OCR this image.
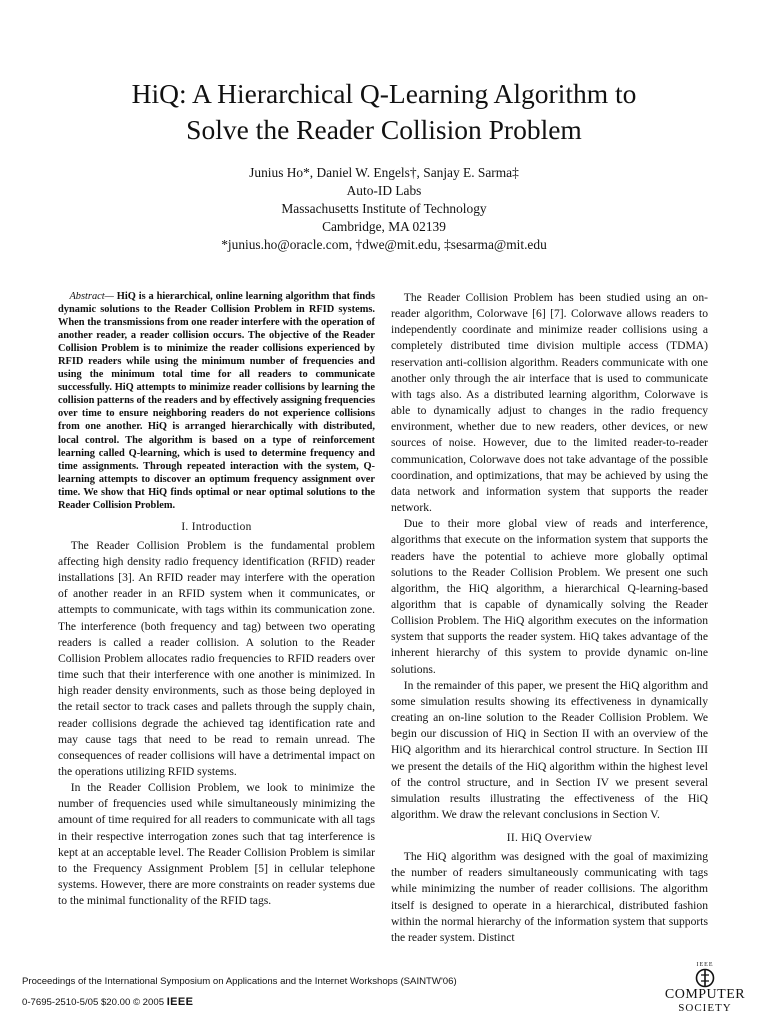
HiQ: A Hierarchical Q-Learning Algorithm to
Solve the Reader Collision Problem
Junius Ho*, Daniel W. Engels†, Sanjay E. Sarma‡
Auto-ID Labs
Massachusetts Institute of Technology
Cambridge, MA 02139
*junius.ho@oracle.com, †dwe@mit.edu, ‡sesarma@mit.edu

Abstract— HiQ is a hierarchical, online learning algorithm that finds dynamic solutions to the Reader Collision Problem in RFID systems. When the transmissions from one reader interfere with the operation of another reader, a reader collision occurs. The objective of the Reader Collision Problem is to minimize the reader collisions experienced by RFID readers while using the minimum number of frequencies and using the minimum total time for all readers to communicate successfully. HiQ attempts to minimize reader collisions by learning the collision patterns of the readers and by effectively assigning frequencies over time to ensure neighboring readers do not experience collisions from one another. HiQ is arranged hierarchically with distributed, local control. The algorithm is based on a type of reinforcement learning called Q-learning, which is used to determine frequency and time assignments. Through repeated interaction with the system, Q-learning attempts to discover an optimum frequency assignment over time. We show that HiQ finds optimal or near optimal solutions to the Reader Collision Problem.

I. Introduction

The Reader Collision Problem is the fundamental problem affecting high density radio frequency identification (RFID) reader installations [3]. An RFID reader may interfere with the operation of another reader in an RFID system when it communicates, or attempts to communicate, with tags within its communication zone. The interference (both frequency and tag) between two operating readers is called a reader collision. A solution to the Reader Collision Problem allocates radio frequencies to RFID readers over time such that their interference with one another is minimized. In high reader density environments, such as those being deployed in the retail sector to track cases and pallets through the supply chain, reader collisions degrade the achieved tag identification rate and may cause tags that need to be read to remain unread. The consequences of reader collisions will have a detrimental impact on the operations utilizing RFID systems.

In the Reader Collision Problem, we look to minimize the number of frequencies used while simultaneously minimizing the amount of time required for all readers to communicate with all tags in their respective interrogation zones such that tag interference is kept at an acceptable level. The Reader Collision Problem is similar to the Frequency Assignment Problem [5] in cellular telephone systems. However, there are more constraints on reader systems due to the minimal functionality of the RFID tags.

The Reader Collision Problem has been studied using an on-reader algorithm, Colorwave [6] [7]. Colorwave allows readers to independently coordinate and minimize reader collisions using a completely distributed time division multiple access (TDMA) reservation anti-collision algorithm. Readers communicate with one another only through the air interface that is used to communicate with tags also. As a distributed learning algorithm, Colorwave is able to dynamically adjust to changes in the radio frequency environment, whether due to new readers, other devices, or new sources of noise. However, due to the limited reader-to-reader communication, Colorwave does not take advantage of the possible coordination, and optimizations, that may be achieved by using the data network and information system that supports the reader network.

Due to their more global view of reads and interference, algorithms that execute on the information system that supports the readers have the potential to achieve more globally optimal solutions to the Reader Collision Problem. We present one such algorithm, the HiQ algorithm, a hierarchical Q-learning-based algorithm that is capable of dynamically solving the Reader Collision Problem. The HiQ algorithm executes on the information system that supports the reader system. HiQ takes advantage of the inherent hierarchy of this system to provide dynamic on-line solutions.

In the remainder of this paper, we present the HiQ algorithm and some simulation results showing its effectiveness in dynamically creating an on-line solution to the Reader Collision Problem. We begin our discussion of HiQ in Section II with an overview of the HiQ algorithm and its hierarchical control structure. In Section III we present the details of the HiQ algorithm within the highest level of the control structure, and in Section IV we present several simulation results illustrating the effectiveness of the HiQ algorithm. We draw the relevant conclusions in Section V.

II. HiQ Overview

The HiQ algorithm was designed with the goal of maximizing the number of readers simultaneously communicating with tags while minimizing the number of reader collisions. The algorithm itself is designed to operate in a hierarchical, distributed fashion within the normal hierarchy of the information system that supports the reader system. Distinct

Proceedings of the International Symposium on Applications and the Internet Workshops (SAINTW'06)
0-7695-2510-5/05 $20.00 © 2005 IEEE
IEEE
COMPUTER
SOCIETY
